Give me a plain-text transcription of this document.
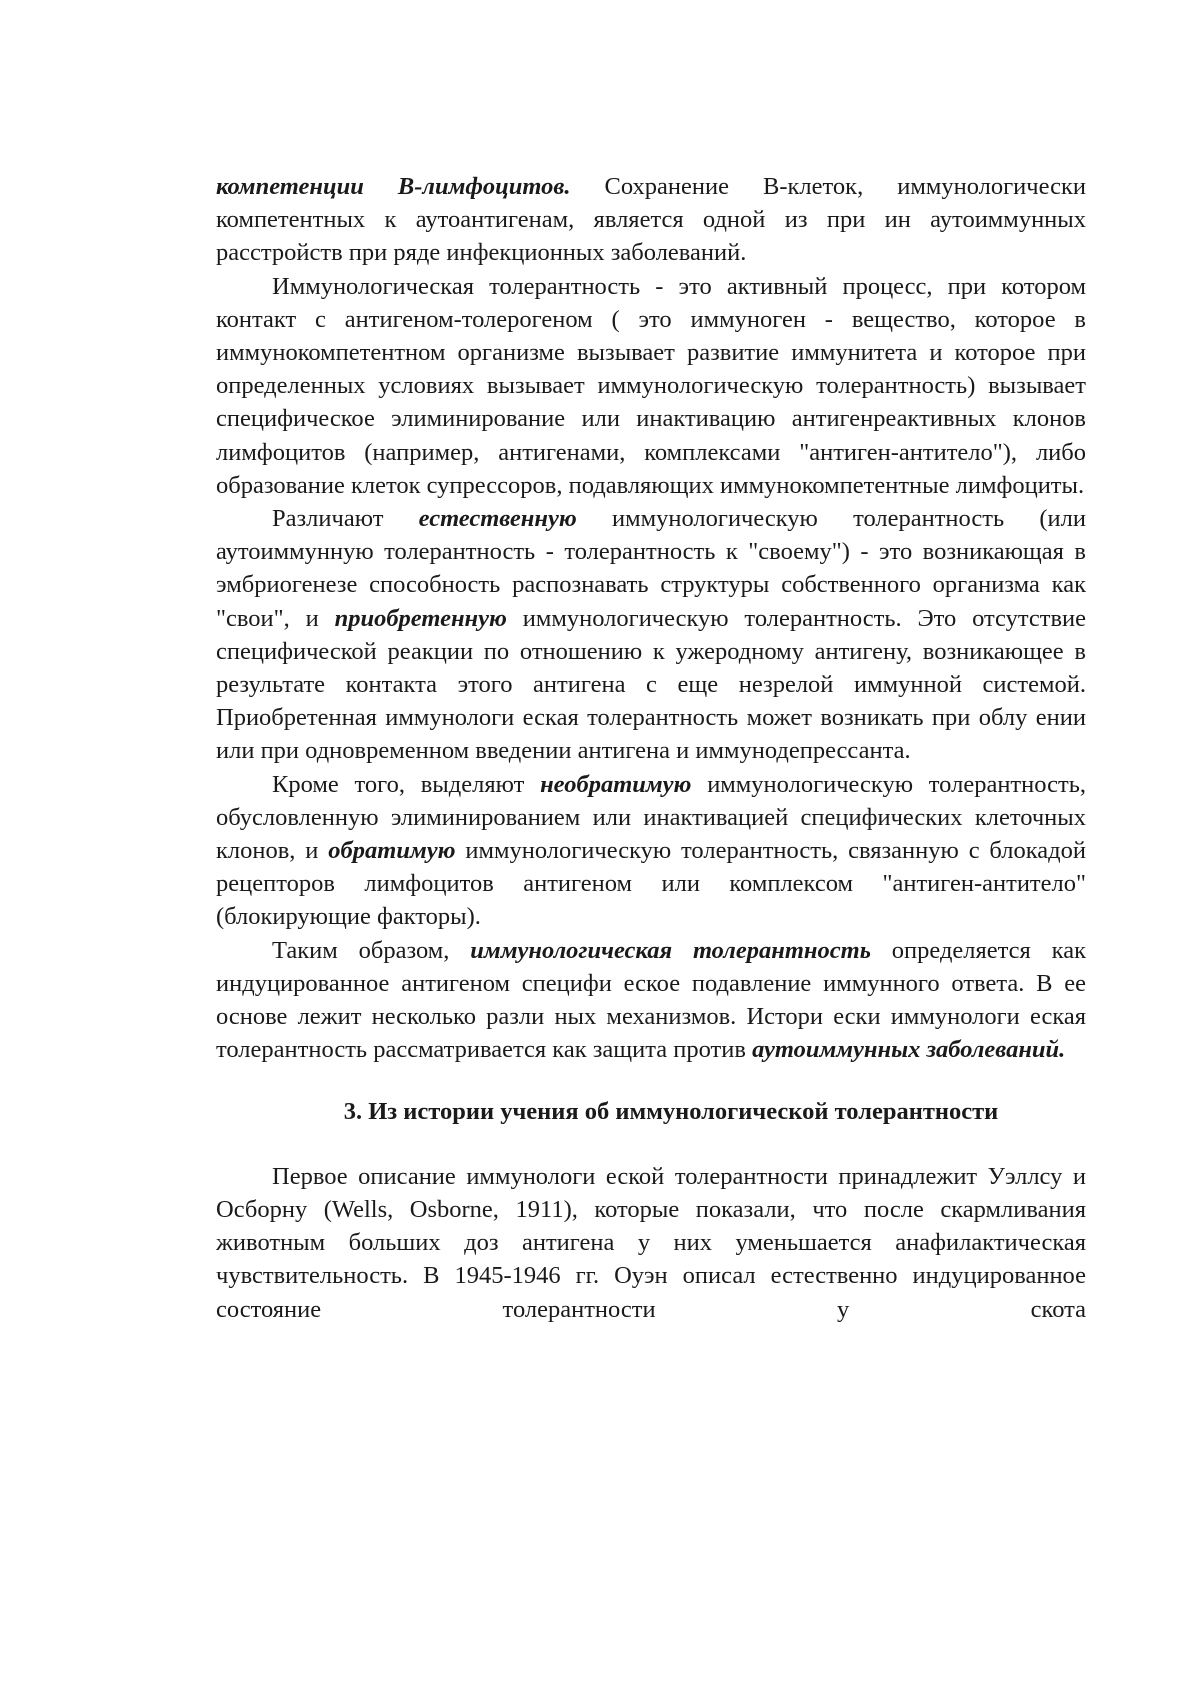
компетенции В-лимфоцитов. Сохранение В-клеток, иммунологически компетентных к аутоантигенам, является одной из при ин аутоиммунных расстройств при ряде инфекционных заболеваний.

Иммунологическая толерантность - это активный процесс, при котором контакт с антигеном-толерогеном ( это иммуноген - вещество, которое в иммунокомпетентном организме вызывает развитие иммунитета и которое при определенных условиях вызывает иммунологическую толерантность) вызывает специфическое элиминирование или инактивацию антигенреактивных клонов лимфоцитов (например, антигенами, комплексами "антиген-антитело"), либо образование клеток супрессоров, подавляющих иммунокомпетентные лимфоциты.

Различают естественную иммунологическую толерантность (или аутоиммунную толерантность - толерантность к "своему") - это возникающая в эмбриогенезе способность распознавать структуры собственного организма как "свои", и приобретенную иммунологическую толерантность. Это отсутствие специфической реакции по отношению к ужеродному антигену, возникающее в результате контакта этого антигена с еще незрелой иммунной системой. Приобретенная иммунологи еская толерантность может возникать при облу ении или при одновременном введении антигена и иммунодепрессанта.

Кроме того, выделяют необратимую иммунологическую толерантность, обусловленную элиминированием или инактивацией специфических клеточных клонов, и обратимую иммунологическую толерантность, связанную с блокадой рецепторов лимфоцитов антигеном или комплексом "антиген-антитело" (блокирующие факторы).

Таким образом, иммунологическая толерантность определяется как индуцированное антигеном специфи еское подавление иммунного ответа. В ее основе лежит несколько разли ных механизмов. Истори ески иммунологи еская толерантность рассматривается как защита против аутоиммунных заболеваний.

3. Из истории учения об иммунологической толерантности

Первое описание иммунологи еской толерантности принадлежит Уэллсу и Осборну (Wells, Osborne, 1911), которые показали, что после скармливания животным больших доз антигена у них уменьшается анафилактическая чувствительность. В 1945-1946 гг. Оуэн описал естественно индуцированное состояние толерантности у скота
